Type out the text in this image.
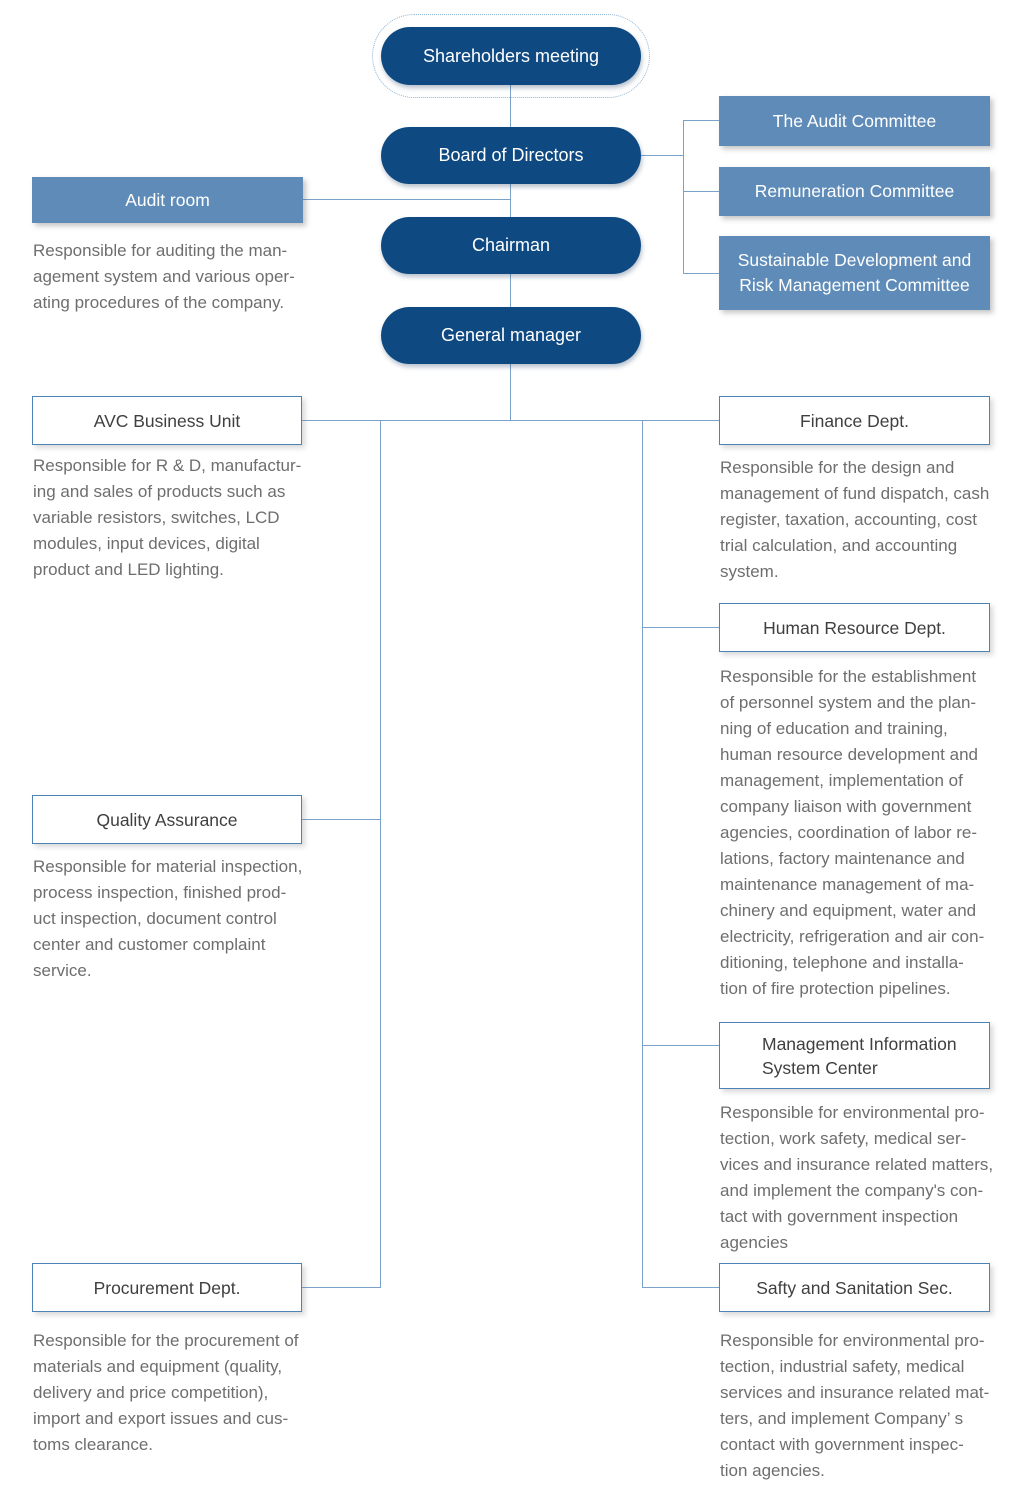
Shareholders meeting
Board of Directors
Chairman
General manager
The Audit Committee
Remuneration Committee
Sustainable Development and Risk Management Committee
Audit room
Responsible for auditing the man-
agement system and various oper-
ating procedures of the company.
AVC Business Unit
Responsible for R & D, manufactur-
ing and sales of products such as
variable resistors, switches, LCD
modules, input devices, digital
product and LED lighting.
Quality Assurance
Responsible for material inspection,
process inspection, finished prod-
uct inspection, document control
center and customer complaint
service.
Procurement Dept.
Responsible for the procurement of
materials and equipment (quality,
delivery and price competition),
import and export issues and cus-
toms clearance.
Finance Dept.
Responsible for the design and
management of fund dispatch, cash
register, taxation, accounting, cost
trial calculation, and accounting
system.
Human Resource Dept.
Responsible for the establishment
of personnel system and the plan-
ning of education and training,
human resource development and
management, implementation of
company liaison with government
agencies, coordination of labor re-
lations, factory maintenance and
maintenance management of ma-
chinery and equipment, water and
electricity, refrigeration and air con-
ditioning, telephone and installa-
tion of fire protection pipelines.
Management Information
System Center
Responsible for environmental pro-
tection, work safety, medical ser-
vices and insurance related matters,
and implement the company's con-
tact with government inspection
agencies
Safty and Sanitation Sec.
Responsible for environmental pro-
tection, industrial safety, medical
services and insurance related mat-
ters, and implement Company’ s
contact with government inspec-
tion agencies.
